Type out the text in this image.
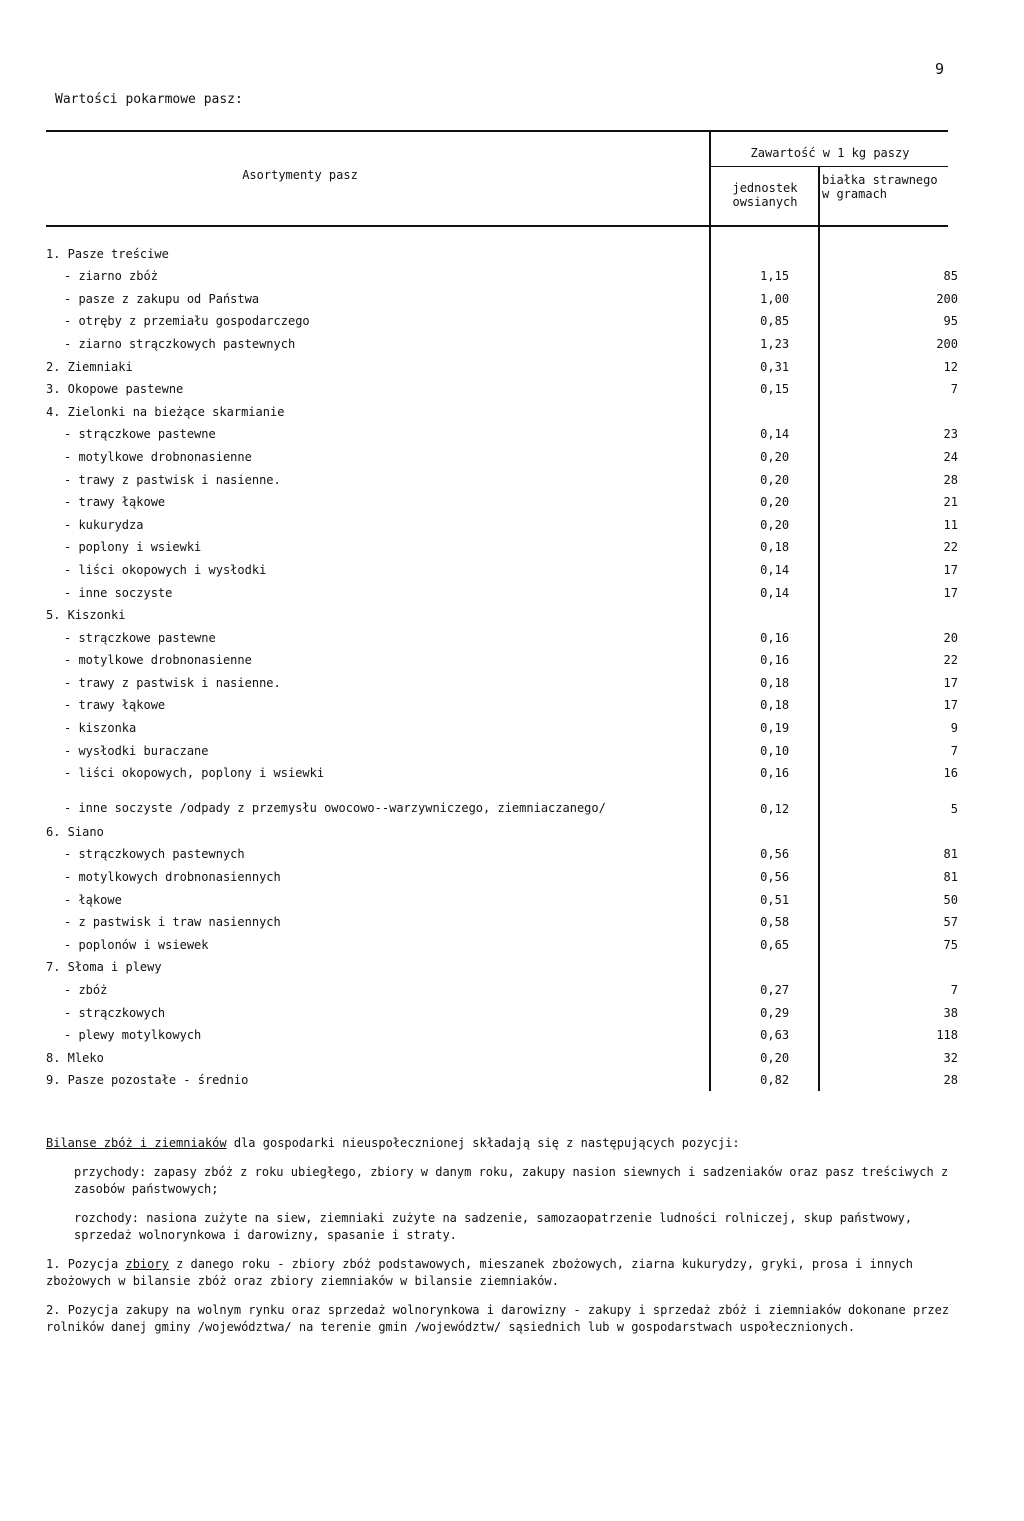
9
Wartości pokarmowe pasz:
Asortymenty pasz
Zawartość w 1 kg paszy
jednostek owsianych
białka strawnego w gramach
1. Pasze treściwe		
- ziarno zbóż	1,15	85
- pasze z zakupu od Państwa	1,00	200
- otręby z przemiału gospodarczego	0,85	95
- ziarno strączkowych pastewnych	1,23	200
2. Ziemniaki	0,31	12
3. Okopowe pastewne	0,15	7
4. Zielonki na bieżące skarmianie		
- strączkowe pastewne	0,14	23
- motylkowe drobnonasienne	0,20	24
- trawy z pastwisk i nasienne.	0,20	28
- trawy łąkowe	0,20	21
- kukurydza	0,20	11
- poplony i wsiewki	0,18	22
- liści okopowych i wysłodki	0,14	17
- inne soczyste	0,14	17
5. Kiszonki		
- strączkowe pastewne	0,16	20
- motylkowe drobnonasienne	0,16	22
- trawy z pastwisk i nasienne.	0,18	17
- trawy łąkowe	0,18	17
- kiszonka	0,19	9
- wysłodki buraczane	0,10	7
- liści okopowych, poplony i wsiewki	0,16	16
- inne soczyste /odpady z przemysłu owocowo--warzywniczego, ziemniaczanego/	0,12	5
6. Siano		
- strączkowych pastewnych	0,56	81
- motylkowych drobnonasiennych	0,56	81
- łąkowe	0,51	50
- z pastwisk i traw nasiennych	0,58	57
- poplonów i wsiewek	0,65	75
7. Słoma i plewy		
- zbóż	0,27	7
- strączkowych	0,29	38
- plewy motylkowych	0,63	118
8. Mleko	0,20	32
9. Pasze pozostałe - średnio	0,82	28

Bilanse zbóż i ziemniaków dla gospodarki nieuspołecznionej składają się z następujących pozycji:

przychody: zapasy zbóż z roku ubiegłego, zbiory w danym roku, zakupy nasion siewnych i sadzeniaków oraz pasz treściwych z zasobów państwowych;

rozchody: nasiona zużyte na siew, ziemniaki zużyte na sadzenie, samozaopatrzenie ludności rolniczej, skup państwowy, sprzedaż wolnorynkowa i darowizny, spasanie i straty.

1. Pozycja zbiory z danego roku - zbiory zbóż podstawowych, mieszanek zbożowych, ziarna kukurydzy, gryki, prosa i innych zbożowych w bilansie zbóż oraz zbiory ziemniaków w bilansie ziemniaków.

2. Pozycja zakupy na wolnym rynku oraz sprzedaż wolnorynkowa i darowizny - zakupy i sprzedaż zbóż i ziemniaków dokonane przez rolników danej gminy /województwa/ na terenie gmin /województw/ sąsiednich lub w gospodarstwach uspołecznionych.
